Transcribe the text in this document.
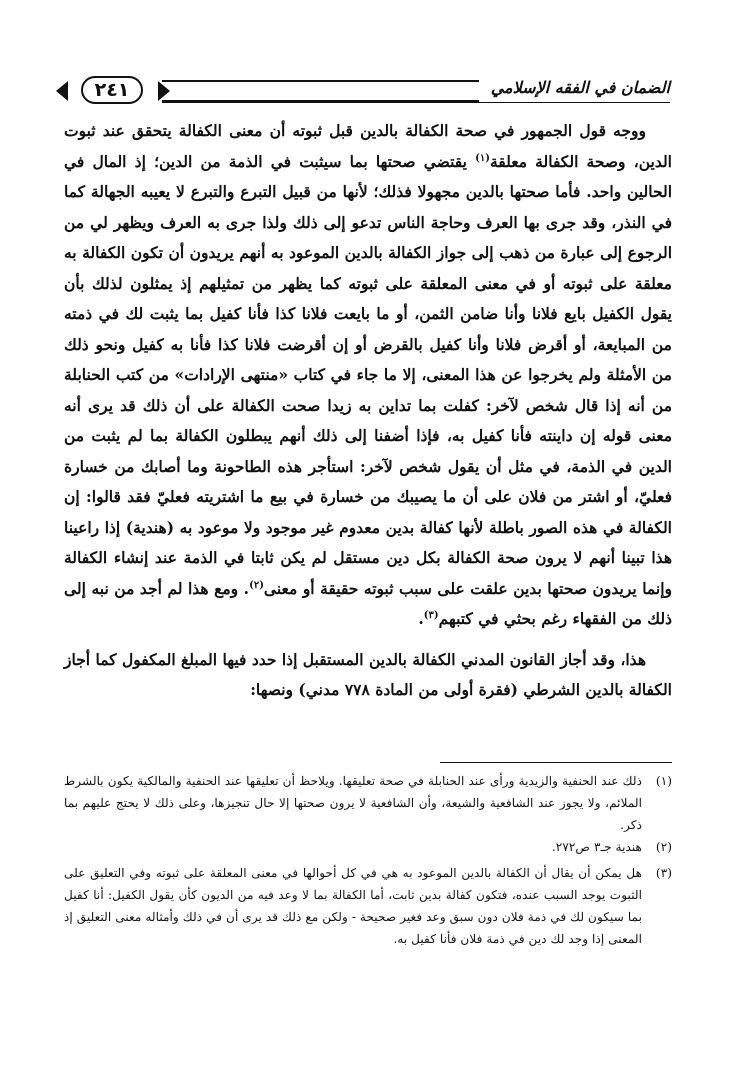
٢٤١	الضمان في الفقه الإسلامي

ووجه قول الجمهور في صحة الكفالة بالدين قبل ثبوته أن معنى الكفالة يتحقق عند ثبوت الدين، وصحة الكفالة معلقة$^{(١)}$ يقتضي صحتها بما سيثبت في الذمة من الدين؛ إذ المال في الحالين واحد. فأما صحتها بالدين مجهولا فذلك؛ لأنها من قبيل التبرع والتبرع لا يعيبه الجهالة كما في النذر، وقد جرى بها العرف وحاجة الناس تدعو إلى ذلك ولذا جرى به العرف ويظهر لي من الرجوع إلى عبارة من ذهب إلى جواز الكفالة بالدين الموعود به أنهم يريدون أن تكون الكفالة به معلقة على ثبوته أو في معنى المعلقة على ثبوته كما يظهر من تمثيلهم إذ يمثلون لذلك بأن يقول الكفيل بايع فلانا وأنا ضامن الثمن، أو ما بايعت فلانا كذا فأنا كفيل بما يثبت لك في ذمته من المبايعة، أو أقرض فلانا وأنا كفيل بالقرض أو إن أقرضت فلانا كذا فأنا به كفيل ونحو ذلك من الأمثلة ولم يخرجوا عن هذا المعنى، إلا ما جاء في كتاب «منتهى الإرادات» من كتب الحنابلة من أنه إذا قال شخص لآخر: كفلت بما تداين به زيدا صحت الكفالة على أن ذلك قد يرى أنه معنى قوله إن داينته فأنا كفيل به، فإذا أضفنا إلى ذلك أنهم يبطلون الكفالة بما لم يثبت من الدين في الذمة، في مثل أن يقول شخص لآخر: استأجر هذه الطاحونة وما أصابك من خسارة فعليّ، أو اشتر من فلان على أن ما يصيبك من خسارة في بيع ما اشتريته فعليّ فقد قالوا: إن الكفالة في هذه الصور باطلة لأنها كفالة بدين معدوم غير موجود ولا موعود به (هندية) إذا راعينا هذا تبينا أنهم لا يرون صحة الكفالة بكل دين مستقل لم يكن ثابتا في الذمة عند إنشاء الكفالة وإنما يريدون صحتها بدين علقت على سبب ثبوته حقيقة أو معنى$^{(٢)}$. ومع هذا لم أجد من نبه إلى ذلك من الفقهاء رغم بحثي في كتبهم$^{(٣)}$.

هذا، وقد أجاز القانون المدني الكفالة بالدين المستقبل إذا حدد فيها المبلغ المكفول كما أجاز الكفالة بالدين الشرطي (فقرة أولى من المادة ٧٧٨ مدني) ونصها:

(١)
ذلك عند الحنفية والزيدية ورأى عند الحنابلة في صحة تعليقها. ويلاحظ أن تعليقها عند الحنفية والمالكية يكون بالشرط الملائم، ولا يجوز عند الشافعية والشيعة، وأن الشافعية لا يرون صحتها إلا حال تنجيزها، وعلى ذلك لا يحتج عليهم بما ذكر.

(٢)
هندية جـ٣ ص٢٧٢.

(٣)
هل يمكن أن يقال أن الكفالة بالدين الموعود به هي في كل أحوالها في معنى المعلقة على ثبوته وفي التعليق على الثبوت يوجد السبب عنده، فتكون كفالة بدين ثابت، أما الكفالة بما لا وعد فيه من الديون كأن يقول الكفيل: أنا كفيل بما سيكون لك في ذمة فلان دون سبق وعد فغير صحيحة - ولكن مع ذلك قد يرى أن في ذلك وأمثاله معنى التعليق إذ المعنى إذا وجد لك دين في ذمة فلان فأنا كفيل به.
